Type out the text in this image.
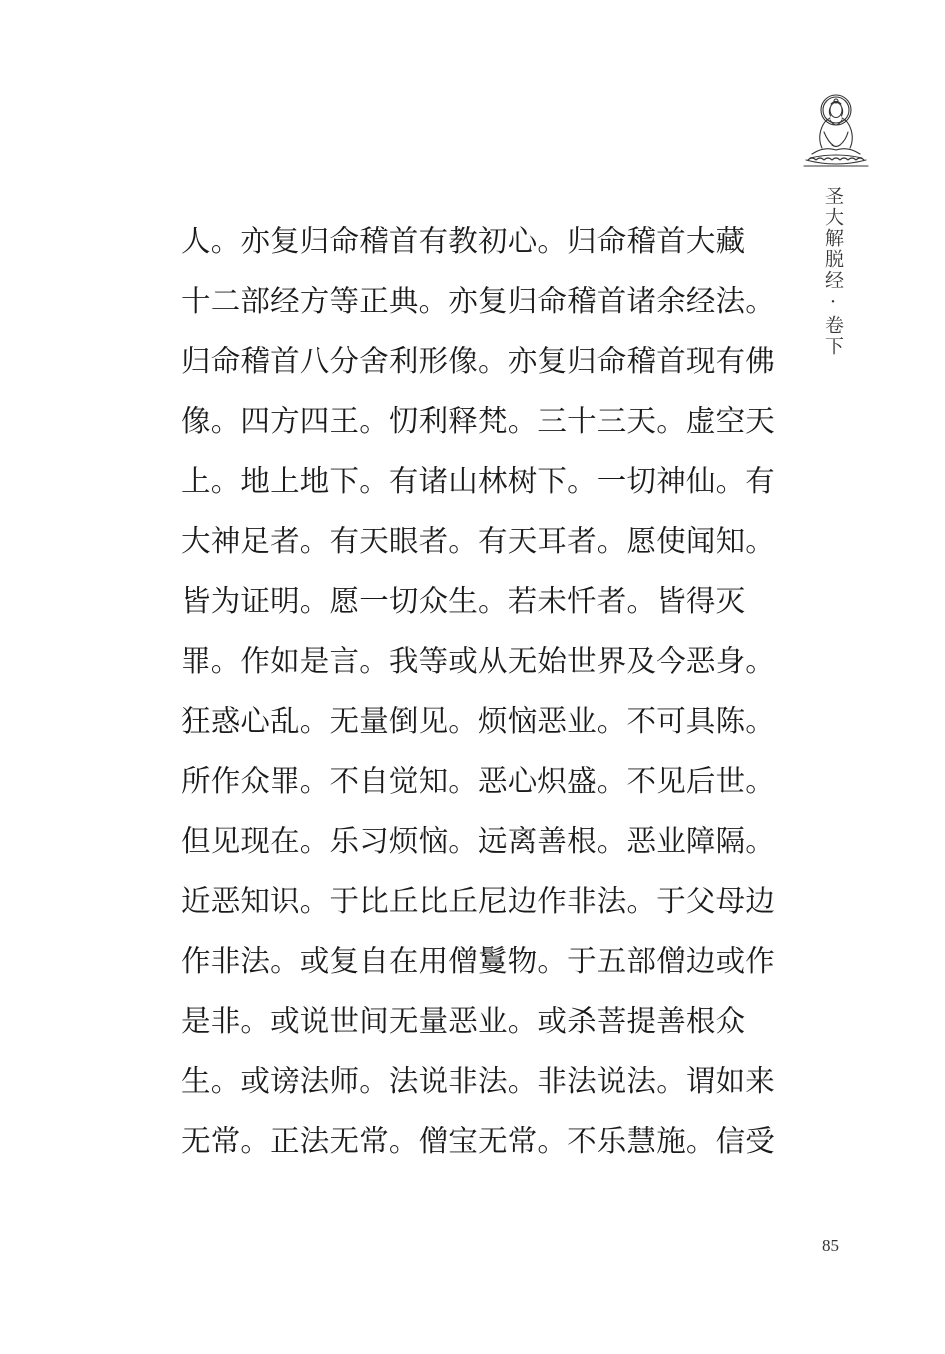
圣大解脱经·卷下
人。亦复归命稽首有教初心。归命稽首大藏
十二部经方等正典。亦复归命稽首诸余经法。
归命稽首八分舍利形像。亦复归命稽首现有佛
像。四方四王。忉利释梵。三十三天。虚空天
上。地上地下。有诸山林树下。一切神仙。有
大神足者。有天眼者。有天耳者。愿使闻知。
皆为证明。愿一切众生。若未忏者。皆得灭
罪。作如是言。我等或从无始世界及今恶身。
狂惑心乱。无量倒见。烦恼恶业。不可具陈。
所作众罪。不自觉知。恶心炽盛。不见后世。
但见现在。乐习烦恼。远离善根。恶业障隔。
近恶知识。于比丘比丘尼边作非法。于父母边
作非法。或复自在用僧鬘物。于五部僧边或作
是非。或说世间无量恶业。或杀菩提善根众
生。或谤法师。法说非法。非法说法。谓如来
无常。正法无常。僧宝无常。不乐慧施。信受
85
